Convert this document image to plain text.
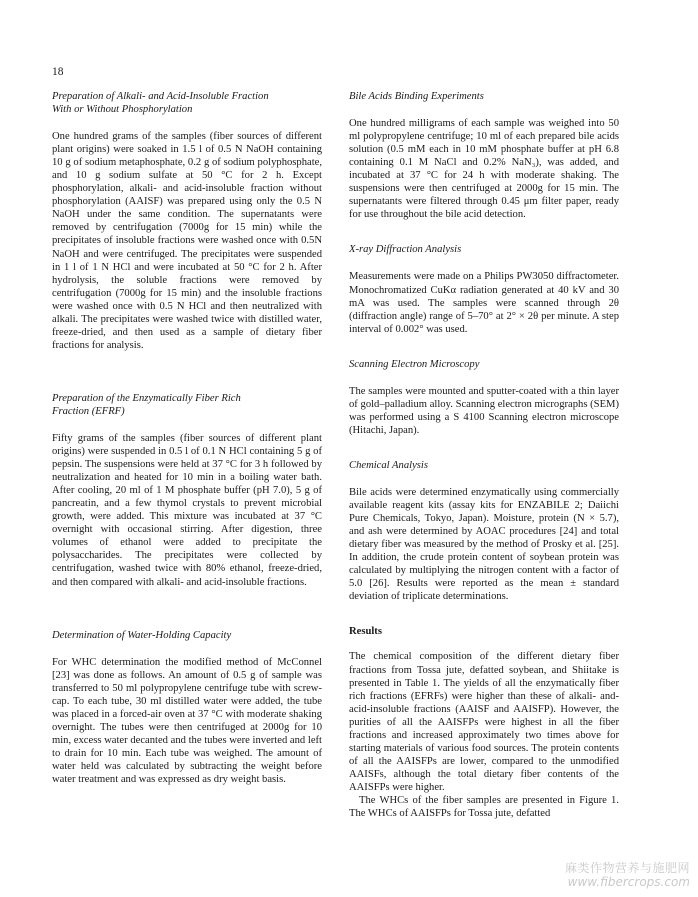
18
Preparation of Alkali- and Acid-Insoluble Fraction
With or Without Phosphorylation

One hundred grams of the samples (fiber sources of different plant origins) were soaked in 1.5 l of 0.5 N NaOH containing 10 g of sodium metaphosphate, 0.2 g of sodium polyphosphate, and 10 g sodium sulfate at 50 °C for 2 h. Except phosphorylation, alkali- and acid-insoluble fraction without phosphorylation (AAISF) was prepared using only the 0.5 N NaOH under the same condition. The supernatants were removed by centrifugation (7000g for 15 min) while the precipitates of insoluble fractions were washed once with 0.5N NaOH and were centrifuged. The precipitates were suspended in 1 l of 1 N HCl and were incubated at 50 °C for 2 h. After hydrolysis, the soluble fractions were removed by centrifugation (7000g for 15 min) and the insoluble fractions were washed once with 0.5 N HCl and then neutralized with alkali. The precipitates were washed twice with distilled water, freeze-dried, and then used as a sample of dietary fiber fractions for analysis.

Preparation of the Enzymatically Fiber Rich
Fraction (EFRF)

Fifty grams of the samples (fiber sources of different plant origins) were suspended in 0.5 l of 0.1 N HCl containing 5 g of pepsin. The suspensions were held at 37 °C for 3 h followed by neutralization and heated for 10 min in a boiling water bath. After cooling, 20 ml of 1 M phosphate buffer (pH 7.0), 5 g of pancreatin, and a few thymol crystals to prevent microbial growth, were added. This mixture was incubated at 37 °C overnight with occasional stirring. After digestion, three volumes of ethanol were added to precipitate the polysaccharides. The precipitates were collected by centrifugation, washed twice with 80% ethanol, freeze-dried, and then compared with alkali- and acid-insoluble fractions.

Determination of Water-Holding Capacity

For WHC determination the modified method of McConnel [23] was done as follows. An amount of 0.5 g of sample was transferred to 50 ml polypropylene centrifuge tube with screw-cap. To each tube, 30 ml distilled water were added, the tube was placed in a forced-air oven at 37 °C with moderate shaking overnight. The tubes were then centrifuged at 2000g for 10 min, excess water decanted and the tubes were inverted and left to drain for 10 min. Each tube was weighed. The amount of water held was calculated by subtracting the weight before water treatment and was expressed as dry weight basis.

Bile Acids Binding Experiments

One hundred milligrams of each sample was weighed into 50 ml polypropylene centrifuge; 10 ml of each prepared bile acids solution (0.5 mM each in 10 mM phosphate buffer at pH 6.8 containing 0.1 M NaCl and 0.2% NaN₃), was added, and incubated at 37 °C for 24 h with moderate shaking. The suspensions were then centrifuged at 2000g for 15 min. The supernatants were filtered through 0.45 μm filter paper, ready for use throughout the bile acid detection.

X-ray Diffraction Analysis

Measurements were made on a Philips PW3050 diffractometer. Monochromatized CuKα radiation generated at 40 kV and 30 mA was used. The samples were scanned through 2θ (diffraction angle) range of 5–70° at 2° × 2θ per minute. A step interval of 0.002° was used.

Scanning Electron Microscopy

The samples were mounted and sputter-coated with a thin layer of gold–palladium alloy. Scanning electron micrographs (SEM) was performed using a S 4100 Scanning electron microscope (Hitachi, Japan).

Chemical Analysis

Bile acids were determined enzymatically using commercially available reagent kits (assay kits for ENZABILE 2; Daiichi Pure Chemicals, Tokyo, Japan). Moisture, protein (N × 5.7), and ash were determined by AOAC procedures [24] and total dietary fiber was measured by the method of Prosky et al. [25]. In addition, the crude protein content of soybean protein was calculated by multiplying the nitrogen content with a factor of 5.0 [26]. Results were reported as the mean ± standard deviation of triplicate determinations.

Results

The chemical composition of the different dietary fiber fractions from Tossa jute, defatted soybean, and Shiitake is presented in Table 1. The yields of all the enzymatically fiber rich fractions (EFRFs) were higher than these of alkali- and-acid-insoluble fractions (AAISF and AAISFP). However, the purities of all the AAISFPs were highest in all the fiber fractions and increased approximately two times above for starting materials of various food sources. The protein contents of all the AAISFPs are lower, compared to the unmodified AAISFs, although the total dietary fiber contents of the AAISFPs were higher.

The WHCs of the fiber samples are presented in Figure 1. The WHCs of AAISFPs for Tossa jute, defatted

麻类作物营养与施肥网
www.fibercrops.com
